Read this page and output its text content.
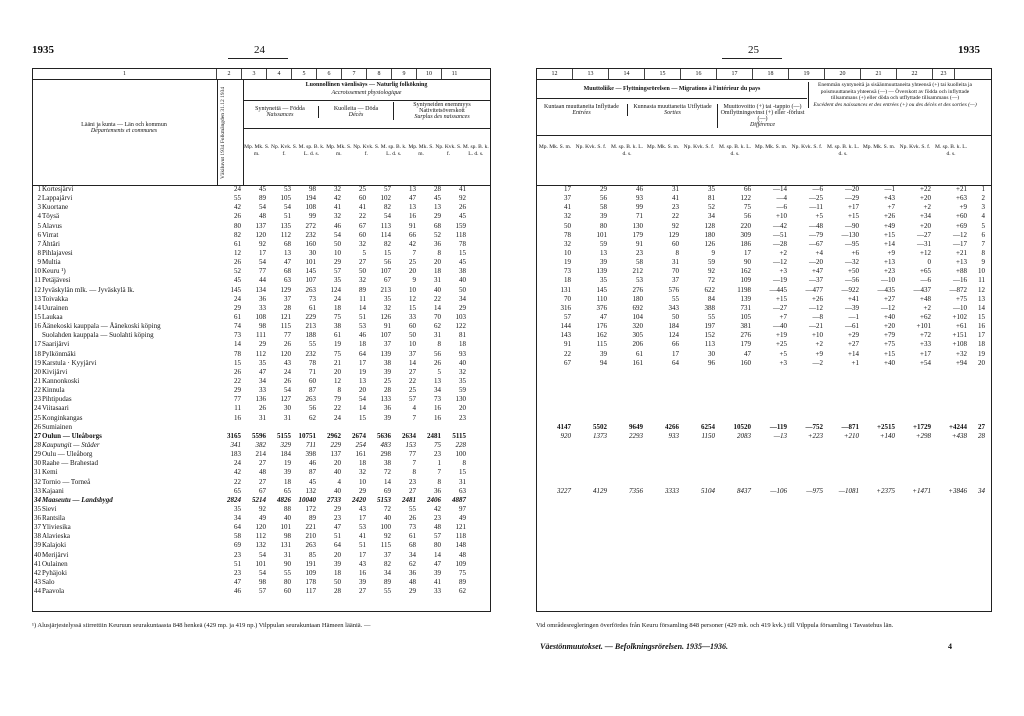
1935	24	25	1935
1	2	3	4	5	6	7	8	9	10	11
Lääni ja kunta — Län och kommun
Départements et communes	Väkiluvut 1934 Folkmängden 31.12 1934
Luonnollinen väenlisäys — Naturlig folkökning
Accroissement physiologique
Syntyneitä — Födda
Naissances
Kuolleita — Döda
Décès
Syntyneiden enemmyys Nativitetsöverskott
Surplus des naissances
Mp. Mk. S. m.
Np. Kvk. S. f.
M. sp. B. k. L. d. s.
Mp. Mk. S. m.
Np. Kvk. S. f.
M. sp. B. k. L. d. s.
Mp. Mk. S. m.
Np. Kvk. S. f.
M. sp. B. k. L. d. s.
1 Kortesjärvi	24	45	53	98	32	25	57	13	28	41
2 Lappajärvi	55	89	105	194	42	60	102	47	45	92
3 Kuortane	42	54	54	108	41	41	82	13	13	26
4 Töysä	26	48	51	99	32	22	54	16	29	45
5 Alavus	80	137	135	272	46	67	113	91	68	159
6 Virrat	82	120	112	232	54	60	114	66	52	118
7 Ähtäri	61	92	68	160	50	32	82	42	36	78
8 Pihlajavesi	12	17	13	30	10	5	15	7	8	15
9 Multia	26	54	47	101	29	27	56	25	20	45
10 Keuru ¹)	52	77	68	145	57	50	107	20	18	38
11 Petäjävesi	45	44	63	107	35	32	67	9	31	40
12 Jyväskylän mlk. — Jyväskylä lk.	145	134	129	263	124	89	213	10	40	50
13 Toivakka	24	36	37	73	24	11	35	12	22	34
14 Uurainen	29	33	28	61	18	14	32	15	14	29
15 Laukaa	61	108	121	229	75	51	126	33	70	103
16 Äänekoski kauppala — Äänekoski köping	74	98	115	213	38	53	91	60	62	122
Suolahden kauppala — Suolahti köping	73	111	77	188	61	46	107	50	31	81
17 Saarijärvi	14	29	26	55	19	18	37	10	8	18
18 Pylkönmäki	78	112	120	232	75	64	139	37	56	93
19 Karstula · Kyyjärvi	15	35	43	78	21	17	38	14	26	40
20 Kivijärvi	26	47	24	71	20	19	39	27	5	32
21 Kannonkoski	22	34	26	60	12	13	25	22	13	35
22 Kinnula	29	33	54	87	8	20	28	25	34	59
23 Pihtipudas	77	136	127	263	79	54	133	57	73	130
24 Viitasaari	11	26	30	56	22	14	36	4	16	20
25 Konginkangas	16	31	31	62	24	15	39	7	16	23
26 Sumiainen
27 Oulun — Uleåborgs	3165	5596	5155	10751	2962	2674	5636	2634	2481	5115
28 Kaupungit — Städer	341	382	329	711	229	254	483	153	75	228
29 Oulu — Uleåborg	183	214	184	398	137	161	298	77	23	100
30 Raahe — Brahestad	24	27	19	46	20	18	38	7	1	8
31 Kemi	42	48	39	87	40	32	72	8	7	15
32 Tornio — Torneå	22	27	18	45	4	10	14	23	8	31
33 Kajaani	65	67	65	132	40	29	69	27	36	63
34 Maaseutu — Landsbygd	2824	5214	4826	10040	2733	2420	5153	2481	2406	4887
35 Sievi	35	92	88	172	29	43	72	55	42	97
36 Rantsila	34	49	40	89	23	17	40	26	23	49
37 Yliviesika	64	120	101	221	47	53	100	73	48	121
38 Alavieska	58	112	98	210	51	41	92	61	57	118
39 Kalajoki	69	132	131	263	64	51	115	68	80	148
40 Merijärvi	23	54	31	85	20	17	37	34	14	48
41 Oulainen	51	101	90	191	39	43	82	62	47	109
42 Pyhäjoki	23	54	55	109	18	16	34	36	39	75
43 Salo	47	98	80	178	50	39	89	48	41	89
44 Paavola	46	57	60	117	28	27	55	29	33	62
12	13	14	15	16	17	18	19	20	21	22	23
Muuttoliike — Flyttningsrörelsen — Migrations à l'intérieur du pays
Kuntaan muuttaneita Inflyttade
Entrées
Kunnasta muuttaneita Utflyttade
Sorties
Muuttovoitto (+) tai -tappio (—) Omflyttningsvinst (+) eller -förlust (—)
Différence
Enemmän syntyneitä ja sisäänmuuttaneita yhteensä (+) tai kuolleita ja poismuuttaneita yhteensä (—) — Överskott av födda och inflyttade tillsammans (+) eller döda och utflyttade tillsammans (—)
Excédent des naissances et des entrées (+) ou des décès et des sorties (—)
Mp. Mk. S. m. Np. Kvk. S. f. M. sp. B. k. L. d. s.
Mp. Mk. S. m. Np. Kvk. S. f. M. sp. B. k. L. d. s.
Mp. Mk. S. m. Np. Kvk. S. f. M. sp. B. k. L. d. s.
Mp. Mk. S. m. Np. Kvk. S. f. M. sp. B. k. L. d. s.
17	29	46	31	35	66	—14	—6	—20	—1	+22	+21	1
37	56	93	41	81	122	—4	—25	—29	+43	+20	+63	2
41	58	99	23	52	75	—6	—11	+17	+7	+2	+9	3
32	39	71	22	34	56	+10	+5	+15	+26	+34	+60	4
50	80	130	92	128	220	—42	—48	—90	+49	+20	+69	5
78	101	179	129	180	309	—51	—79	—130	+15	—27	—12	6
32	59	91	60	126	186	—28	—67	—95	+14	—31	—17	7
10	13	23	8	9	17	+2	+4	+6	+9	+12	+21	8
19	39	58	31	59	90	—12	—20	—32	+13	0	+13	9
73	139	212	70	92	162	+3	+47	+50	+23	+65	+88	10
18	35	53	37	72	109	—19	—37	—56	—10	—6	—16	11
131	145	276	576	622	1198	—445	—477	—922	—435	—437	—872	12
70	110	180	55	84	139	+15	+26	+41	+27	+48	+75	13
316	376	692	343	388	731	—27	—12	—39	—12	+2	—10	14
57	47	104	50	55	105	+7	—8	—1	+40	+62	+102	15
144	176	320	184	197	381	—40	—21	—61	+20	+101	+61	16
143	162	305	124	152	276	+19	+10	+29	+79	+72	+151	17
91	115	206	66	113	179	+25	+2	+27	+75	+33	+108	18
22	39	61	17	30	47	+5	+9	+14	+15	+17	+32	19
67	94	161	64	96	160	+3	—2	+1	+40	+54	+94	20
4147	5502	9649	4266	6254	10520	—119	—752	—871	+2515	+1729	+4244	27
920	1373	2293	933	1150	2083	—13	+223	+210	+140	+298	+438	28
3227	4129	7356	3333	5104	8437	—106	—975	—1081	+2375	+1471	+3846	34
¹) Alusjärjestelyssä siirrettiin Keuruun seurakuntaasta 848 henkeä (429 mp. ja 419 np.) Vilppulan seurakuntaan Hämeen lääniä. —	Vid områdesregleringen överfördes från Keuru församling 848 personer (429 mk. och 419 kvk.) till Vilppula församling i Tavastehus län.
Väestönmuutokset. — Befolkningsrörelsen. 1935—1936.	4
